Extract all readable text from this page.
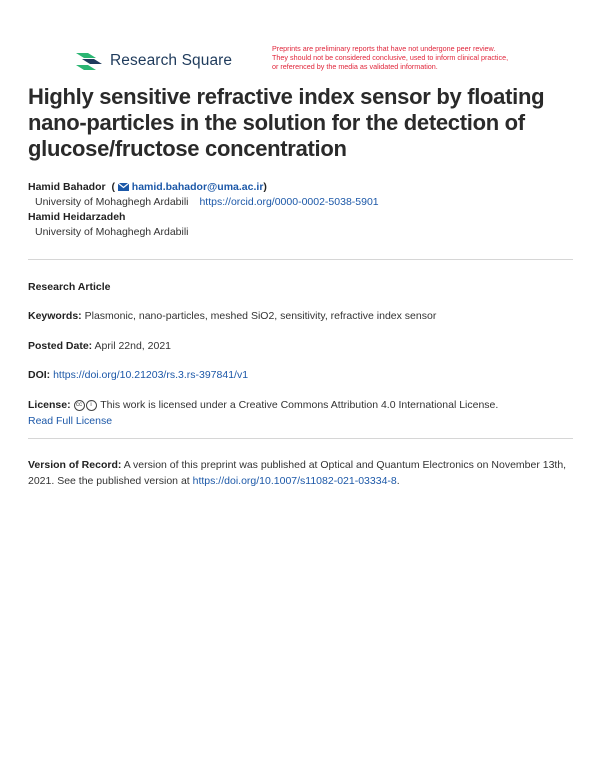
Research Square
Preprints are preliminary reports that have not undergone peer review.
They should not be considered conclusive, used to inform clinical practice,
or referenced by the media as validated information.
Highly sensitive refractive index sensor by floating nano-particles in the solution for the detection of glucose/fructose concentration
Hamid Bahador  (  hamid.bahador@uma.ac.ir)
University of Mohaghegh Ardabili https://orcid.org/0000-0002-5038-5901
Hamid Heidarzadeh
University of Mohaghegh Ardabili
Research Article
Keywords: Plasmonic, nano-particles, meshed SiO2, sensitivity, refractive index sensor
Posted Date: April 22nd, 2021
DOI: https://doi.org/10.21203/rs.3.rs-397841/v1
License: cc i This work is licensed under a Creative Commons Attribution 4.0 International License.
Read Full License
Version of Record: A version of this preprint was published at Optical and Quantum Electronics on November 13th, 2021. See the published version at https://doi.org/10.1007/s11082-021-03334-8.
